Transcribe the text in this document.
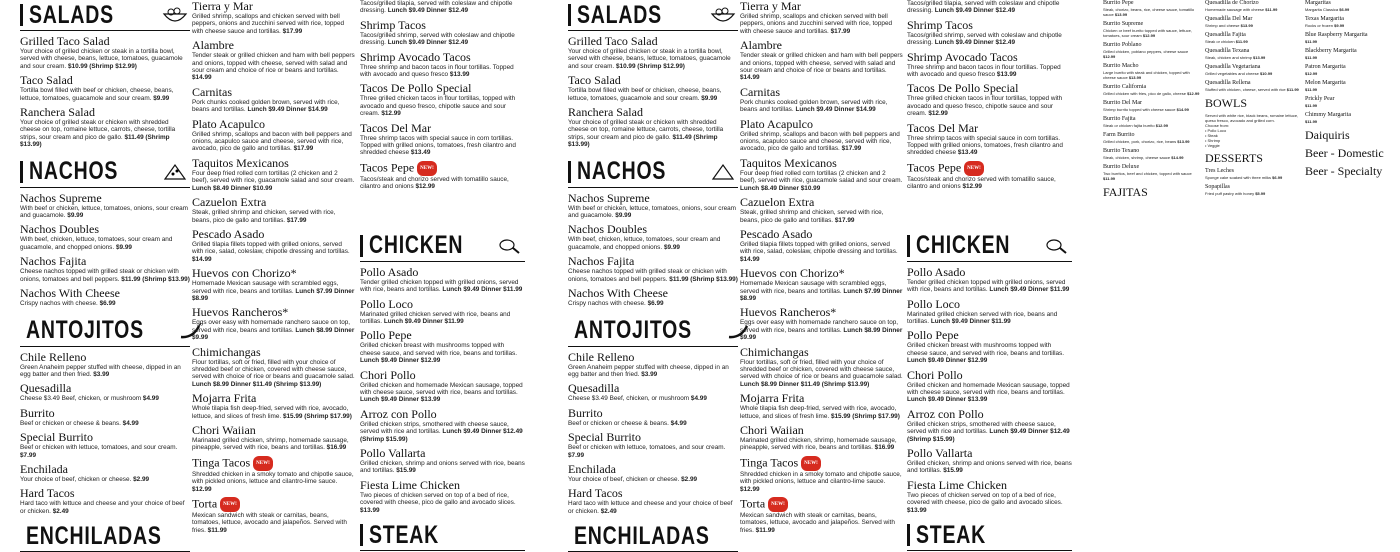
SALADS
Grilled Taco Salad
Your choice of grilled chicken or steak in a tortilla bowl, served with cheese, beans, lettuce, tomatoes, guacamole and sour cream. $10.99 (Shrimp $12.99)
Taco Salad
Tortilla bowl filled with beef or chicken, cheese, beans, lettuce, tomatoes, guacamole and sour cream. $9.99
Ranchera Salad
Your choice of grilled steak or chicken with shredded cheese on top, romaine lettuce, carrots, cheese, tortilla strips, sour cream and pico de gallo. $11.49 (Shrimp $13.99)
NACHOS
Nachos Supreme
With beef or chicken, lettuce, tomatoes, onions, sour cream and guacamole. $9.99
Nachos Doubles
With beef, chicken, lettuce, tomatoes, sour cream and guacamole, and chopped onions. $9.99
Nachos Fajita
Cheese nachos topped with grilled steak or chicken with onions, tomatoes and bell peppers. $11.99 (Shrimp $13.99)
Nachos With Cheese
Crispy nachos with cheese. $6.99
ANTOJITOS
Chile Relleno
Green Anaheim pepper stuffed with cheese, dipped in an egg batter and then fried. $3.99
Quesadilla
Cheese $3.49 Beef, chicken, or mushroom $4.99
Burrito
Beef or chicken or cheese & beans. $4.99
Special Burrito
Beef or chicken with lettuce, tomatoes, and sour cream. $7.99
Enchilada
Your choice of beef, chicken or cheese. $2.99
Hard Tacos
Hard taco with lettuce and cheese and your choice of beef or chicken. $2.49
ENCHILADAS
Tierra y Mar
Grilled shrimp, scallops and chicken served with bell peppers, onions and zucchini served with rice, topped with cheese sauce and tortillas. $17.99
Alambre
Tender steak or grilled chicken and ham with bell peppers and onions, topped with cheese, served with salad and sour cream and choice of rice or beans and tortillas. $14.99
Carnitas
Pork chunks cooked golden brown, served with rice, beans and tortillas. Lunch $9.49 Dinner $14.99
Plato Acapulco
Grilled shrimp, scallops and bacon with bell peppers and onions, acapulco sauce and cheese, served with rice, avocado, pico de gallo and tortillas. $17.99
Taquitos Mexicanos
Four deep fried rolled corn tortillas (2 chicken and 2 beef), served with rice, guacamole salad and sour cream. Lunch $8.49 Dinner $10.99
Cazuelon Extra
Steak, grilled shrimp and chicken, served with rice, beans, pico de gallo and tortillas. $17.99
Pescado Asado
Grilled tilapia fillets topped with grilled onions, served with rice, salad, coleslaw, chipotle dressing and tortillas. $14.99
Huevos con Chorizo*
Homemade Mexican sausage with scrambled eggs, served with rice, beans and tortillas. Lunch $7.99 Dinner $8.99
Huevos Rancheros*
Eggs over easy with homemade ranchero sauce on top, served with rice, beans and tortillas. Lunch $8.99 Dinner $9.99
Chimichangas
Flour tortillas, soft or fried, filled with your choice of shredded beef or chicken, covered with cheese sauce, served with choice of rice or beans and guacamole salad. Lunch $8.99 Dinner $11.49 (Shrimp $13.99)
Mojarra Frita
Whole tilapia fish deep-fried, served with rice, avocado, lettuce, and slices of fresh lime. $15.99 (Shrimp $17.99)
Chori Waiian
Marinated grilled chicken, shrimp, homemade sausage, pineapple, served with rice, beans and tortillas. $16.99
Tinga Tacos NEW!
Shredded chicken in a smoky tomato and chipotle sauce, with pickled onions, lettuce and cilantro-lime sauce. $12.99
Torta NEW!
Mexican sandwich with steak or carnitas, beans, tomatoes, lettuce, avocado and jalapeños. Served with fries. $11.99
Tacos/grilled tilapia, served with coleslaw and chipotle dressing. Lunch $9.49 Dinner $12.49
Shrimp Tacos
Tacos/grilled shrimp, served with coleslaw and chipotle dressing. Lunch $9.49 Dinner $12.49
Shrimp Avocado Tacos
Three shrimp and bacon tacos in flour tortillas. Topped with avocado and queso fresco $13.99
Tacos De Pollo Special
Three grilled chicken tacos in flour tortillas, topped with avocado and queso fresco, chipotle sauce and sour cream. $12.99
Tacos Del Mar
Three shrimp tacos with special sauce in corn tortillas. Topped with grilled onions, tomatoes, fresh cilantro and shredded cheese $13.49
Tacos Pepe NEW!
Tacos/steak and chorizo served with tomatillo sauce, cilantro and onions $12.99
CHICKEN
Pollo Asado
Tender grilled chicken topped with grilled onions, served with rice, beans and tortillas. Lunch $9.49 Dinner $11.99
Pollo Loco
Marinated grilled chicken served with rice, beans and tortillas. Lunch $9.49 Dinner $11.99
Pollo Pepe
Grilled chicken breast with mushrooms topped with cheese sauce, and served with rice, beans and tortillas. Lunch $9.49 Dinner $12.99
Chori Pollo
Grilled chicken and homemade Mexican sausage, topped with cheese sauce, served with rice, beans and tortillas. Lunch $9.49 Dinner $13.99
Arroz con Pollo
Grilled chicken strips, smothered with cheese sauce, served with rice and tortillas. Lunch $9.49 Dinner $12.49 (Shrimp $15.99)
Pollo Vallarta
Grilled chicken, shrimp and onions served with rice, beans and tortillas. $15.99
Fiesta Lime Chicken
Two pieces of chicken served on top of a bed of rice, covered with cheese, pico de gallo and avocado slices. $13.99
STEAK
Burrito Pepe
Steak, chorizo, beans, rice, cheese sauce, tomatillo sauce $13.99
Burrito Supreme
Chicken or beef burrito topped with sauce, lettuce, tomatoes, sour cream $12.99
Burrito Poblano
Grilled chicken, poblano peppers, cheese sauce $12.99
Burrito Macho
Large burrito with steak and chicken, topped with cheese sauce $13.99
Burrito California
Grilled chicken with fries, pico de gallo, cheese $12.99
Burrito Del Mar
Shrimp burrito topped with cheese sauce $14.99
Burrito Fajita
Steak or chicken fajita burrito $12.99
Farm Burrito
Grilled chicken, pork, chorizo, rice, beans $13.99
Burrito Texano
Steak, chicken, shrimp, cheese sauce $14.99
Burrito Deluxe
Two burritos, beef and chicken, topped with sauce $11.99
FAJITAS
Quesadilla de Chorizo
Homemade sausage with cheese $11.99
Quesadilla Del Mar
Shrimp and cheese $13.99
Quesadilla Fajita
Steak or chicken $11.99
Quesadilla Texana
Steak, chicken and shrimp $13.99
Quesadilla Vegetariana
Grilled vegetables and cheese $10.99
Quesadilla Rellena
Stuffed with chicken, cheese, served with rice $11.99
BOWLS
Served with white rice, black beans, romaine lettuce, queso fresco, avocado and grilled corn.
Choose from:
• Pollo Loco
• Steak
• Shrimp
• Veggie
DESSERTS
Tres Leches
Sponge cake soaked with three milks $6.99
Sopapillas
Fried puff pastry with honey $5.99
Margaritas
Margarita Classica $6.99
Texas Margarita
Rocks or frozen $9.99
Blue Raspberry Margarita
$11.99
Blackberry Margarita
$11.99
Patron Margarita
$12.99
Melon Margarita
$11.99
Prickly Pear
$11.99
Chimmy Margarita
$11.99
Daiquiris
Beer - Domestic
Beer - Specialty
SALADS
Grilled Taco Salad
Your choice of grilled chicken or steak in a tortilla bowl, served with cheese, beans, lettuce, tomatoes, guacamole and sour cream. $10.99 (Shrimp $12.99)
Taco Salad
Tortilla bowl filled with beef or chicken, cheese, beans, lettuce, tomatoes, guacamole and sour cream. $9.99
Ranchera Salad
Your choice of grilled steak or chicken with shredded cheese on top, romaine lettuce, carrots, cheese, tortilla strips, sour cream and pico de gallo. $11.49 (Shrimp $13.99)
NACHOS
Nachos Supreme
With beef or chicken, lettuce, tomatoes, onions, sour cream and guacamole. $9.99
Nachos Doubles
With beef, chicken, lettuce, tomatoes, sour cream and guacamole, and chopped onions. $9.99
Nachos Fajita
Cheese nachos topped with grilled steak or chicken with onions, tomatoes and bell peppers. $11.99 (Shrimp $13.99)
Nachos With Cheese
Crispy nachos with cheese. $6.99
ANTOJITOS
Chile Relleno
Green Anaheim pepper stuffed with cheese, dipped in an egg batter and then fried. $3.99
Quesadilla
Cheese $3.49 Beef, chicken, or mushroom $4.99
Burrito
Beef or chicken or cheese & beans. $4.99
Special Burrito
Beef or chicken with lettuce, tomatoes, and sour cream. $7.99
Enchilada
Your choice of beef, chicken or cheese. $2.99
Hard Tacos
Hard taco with lettuce and cheese and your choice of beef or chicken. $2.49
ENCHILADAS
Tierra y Mar
Grilled shrimp, scallops and chicken served with bell peppers, onions and zucchini served with rice, topped with cheese sauce and tortillas. $17.99
Alambre
Tender steak or grilled chicken and ham with bell peppers and onions, topped with cheese, served with salad and sour cream and choice of rice or beans and tortillas. $14.99
Carnitas
Pork chunks cooked golden brown, served with rice, beans and tortillas. Lunch $9.49 Dinner $14.99
Plato Acapulco
Grilled shrimp, scallops and bacon with bell peppers and onions, acapulco sauce and cheese, served with rice, avocado, pico de gallo and tortillas. $17.99
Taquitos Mexicanos
Four deep fried rolled corn tortillas (2 chicken and 2 beef), served with rice, guacamole salad and sour cream. Lunch $8.49 Dinner $10.99
Cazuelon Extra
Steak, grilled shrimp and chicken, served with rice, beans, pico de gallo and tortillas. $17.99
Pescado Asado
Grilled tilapia fillets topped with grilled onions, served with rice, salad, coleslaw, chipotle dressing and tortillas. $14.99
Huevos con Chorizo*
Homemade Mexican sausage with scrambled eggs, served with rice, beans and tortillas. Lunch $7.99 Dinner $8.99
Huevos Rancheros*
Eggs over easy with homemade ranchero sauce on top, served with rice, beans and tortillas. Lunch $8.99 Dinner $9.99
Chimichangas
Flour tortillas, soft or fried, filled with your choice of shredded beef or chicken, covered with cheese sauce, served with choice of rice or beans and guacamole salad. Lunch $8.99 Dinner $11.49 (Shrimp $13.99)
Mojarra Frita
Whole tilapia fish deep-fried, served with rice, avocado, lettuce, and slices of fresh lime. $15.99 (Shrimp $17.99)
Chori Waiian
Marinated grilled chicken, shrimp, homemade sausage, pineapple, served with rice, beans and tortillas. $16.99
Tinga Tacos NEW!
Shredded chicken in a smoky tomato and chipotle sauce, with pickled onions, lettuce and cilantro-lime sauce. $12.99
Torta NEW!
Mexican sandwich with steak or carnitas, beans, tomatoes, lettuce, avocado and jalapeños. Served with fries. $11.99
Tacos/grilled tilapia, served with coleslaw and chipotle dressing. Lunch $9.49 Dinner $12.49
Shrimp Tacos
Tacos/grilled shrimp, served with coleslaw and chipotle dressing. Lunch $9.49 Dinner $12.49
Shrimp Avocado Tacos
Three shrimp and bacon tacos in flour tortillas. Topped with avocado and queso fresco $13.99
Tacos De Pollo Special
Three grilled chicken tacos in flour tortillas, topped with avocado and queso fresco, chipotle sauce and sour cream. $12.99
Tacos Del Mar
Three shrimp tacos with special sauce in corn tortillas. Topped with grilled onions, tomatoes, fresh cilantro and shredded cheese $13.49
Tacos Pepe NEW!
Tacos/steak and chorizo served with tomatillo sauce, cilantro and onions $12.99
CHICKEN
Pollo Asado
Tender grilled chicken topped with grilled onions, served with rice, beans and tortillas. Lunch $9.49 Dinner $11.99
Pollo Loco
Marinated grilled chicken served with rice, beans and tortillas. Lunch $9.49 Dinner $11.99
Pollo Pepe
Grilled chicken breast with mushrooms topped with cheese sauce, and served with rice, beans and tortillas. Lunch $9.49 Dinner $12.99
Chori Pollo
Grilled chicken and homemade Mexican sausage, topped with cheese sauce, served with rice, beans and tortillas. Lunch $9.49 Dinner $13.99
Arroz con Pollo
Grilled chicken strips, smothered with cheese sauce, served with rice and tortillas. Lunch $9.49 Dinner $12.49 (Shrimp $15.99)
Pollo Vallarta
Grilled chicken, shrimp and onions served with rice, beans and tortillas. $15.99
Fiesta Lime Chicken
Two pieces of chicken served on top of a bed of rice, covered with cheese, pico de gallo and avocado slices. $13.99
STEAK
